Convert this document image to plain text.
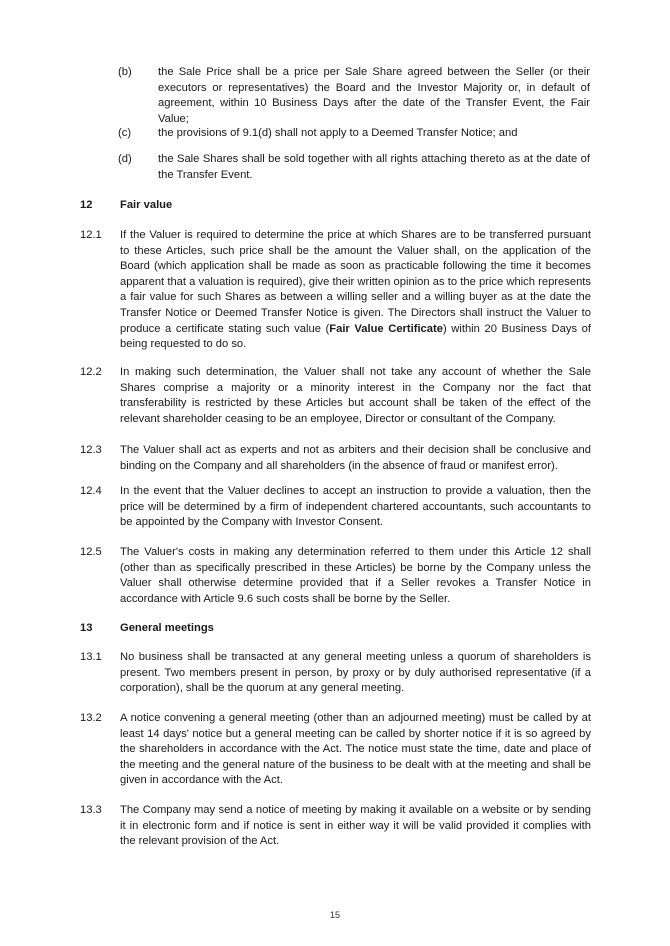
(b) the Sale Price shall be a price per Sale Share agreed between the Seller (or their executors or representatives) the Board and the Investor Majority or, in default of agreement, within 10 Business Days after the date of the Transfer Event, the Fair Value;
(c) the provisions of 9.1(d) shall not apply to a Deemed Transfer Notice; and
(d) the Sale Shares shall be sold together with all rights attaching thereto as at the date of the Transfer Event.
12 Fair value
12.1 If the Valuer is required to determine the price at which Shares are to be transferred pursuant to these Articles, such price shall be the amount the Valuer shall, on the application of the Board (which application shall be made as soon as practicable following the time it becomes apparent that a valuation is required), give their written opinion as to the price which represents a fair value for such Shares as between a willing seller and a willing buyer as at the date the Transfer Notice or Deemed Transfer Notice is given. The Directors shall instruct the Valuer to produce a certificate stating such value (Fair Value Certificate) within 20 Business Days of being requested to do so.
12.2 In making such determination, the Valuer shall not take any account of whether the Sale Shares comprise a majority or a minority interest in the Company nor the fact that transferability is restricted by these Articles but account shall be taken of the effect of the relevant shareholder ceasing to be an employee, Director or consultant of the Company.
12.3 The Valuer shall act as experts and not as arbiters and their decision shall be conclusive and binding on the Company and all shareholders (in the absence of fraud or manifest error).
12.4 In the event that the Valuer declines to accept an instruction to provide a valuation, then the price will be determined by a firm of independent chartered accountants, such accountants to be appointed by the Company with Investor Consent.
12.5 The Valuer's costs in making any determination referred to them under this Article 12 shall (other than as specifically prescribed in these Articles) be borne by the Company unless the Valuer shall otherwise determine provided that if a Seller revokes a Transfer Notice in accordance with Article 9.6 such costs shall be borne by the Seller.
13 General meetings
13.1 No business shall be transacted at any general meeting unless a quorum of shareholders is present. Two members present in person, by proxy or by duly authorised representative (if a corporation), shall be the quorum at any general meeting.
13.2 A notice convening a general meeting (other than an adjourned meeting) must be called by at least 14 days' notice but a general meeting can be called by shorter notice if it is so agreed by the shareholders in accordance with the Act. The notice must state the time, date and place of the meeting and the general nature of the business to be dealt with at the meeting and shall be given in accordance with the Act.
13.3 The Company may send a notice of meeting by making it available on a website or by sending it in electronic form and if notice is sent in either way it will be valid provided it complies with the relevant provision of the Act.
15
